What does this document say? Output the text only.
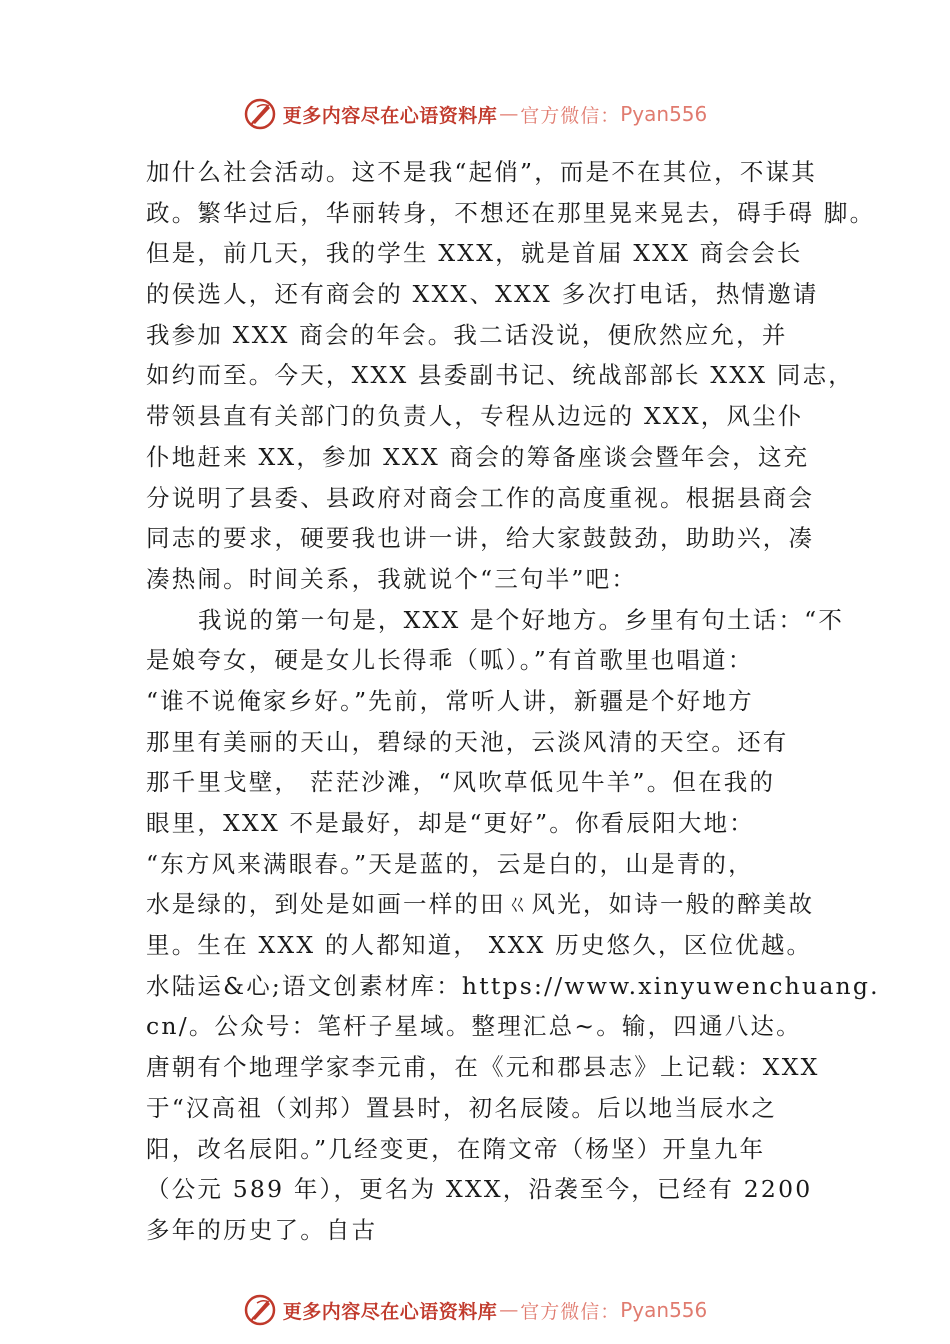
更多内容尽在心语资料库 — 官方微信： Pyan556
加什么社会活动。这不是我“起俏”，而是不在其位，不谋其
政。繁华过后，华丽转身，不想还在那里晃来晃去，碍手碍 脚。
但是，前几天，我的学生 XXX，就是首届 XXX 商会会长
的侯选人，还有商会的 XXX、XXX 多次打电话，热情邀请
我参加 XXX 商会的年会。我二话没说，便欣然应允，并
如约而至。今天，XXX 县委副书记、统战部部长 XXX 同志，
带领县直有关部门的负责人，专程从边远的 XXX，风尘仆
仆地赶来 XX，参加 XXX 商会的筹备座谈会暨年会，这充
分说明了县委、县政府对商会工作的高度重视。根据县商会
同志的要求，硬要我也讲一讲，给大家鼓鼓劲，助助兴，凑
凑热闹。时间关系，我就说个“三句半”吧：
我说的第一句是，XXX 是个好地方。乡里有句土话：“不
是娘夸女，硬是女儿长得乖（呱）。”有首歌里也唱道：
“谁不说俺家乡好。”先前，常听人讲，新疆是个好地方
那里有美丽的天山，碧绿的天池，云淡风清的天空。还有
那千里戈壁， 茫茫沙滩，“风吹草低见牛羊”。但在我的
眼里，XXX 不是最好，却是“更好”。你看辰阳大地：
“东方风来满眼春。”天是蓝的，云是白的，山是青的，
水是绿的，到处是如画一样的田ㄍ风光，如诗一般的醉美故
里。生在 XXX 的人都知道， XXX 历史悠久，区位优越。
水陆运&心;语文创素材库：https://www.xinyuwenchuang.
cn/。公众号：笔杆子星域。整理汇总~。输，四通八达。
唐朝有个地理学家李元甫，在《元和郡县志》上记载：XXX
于“汉高祖（刘邦）置县时，初名辰陵。后以地当辰水之
阳，改名辰阳。”几经变更，在隋文帝（杨坚）开皇九年
（公元 589 年），更名为 XXX，沿袭至今，已经有 2200
多年的历史了。自古
更多内容尽在心语资料库 — 官方微信： Pyan556
